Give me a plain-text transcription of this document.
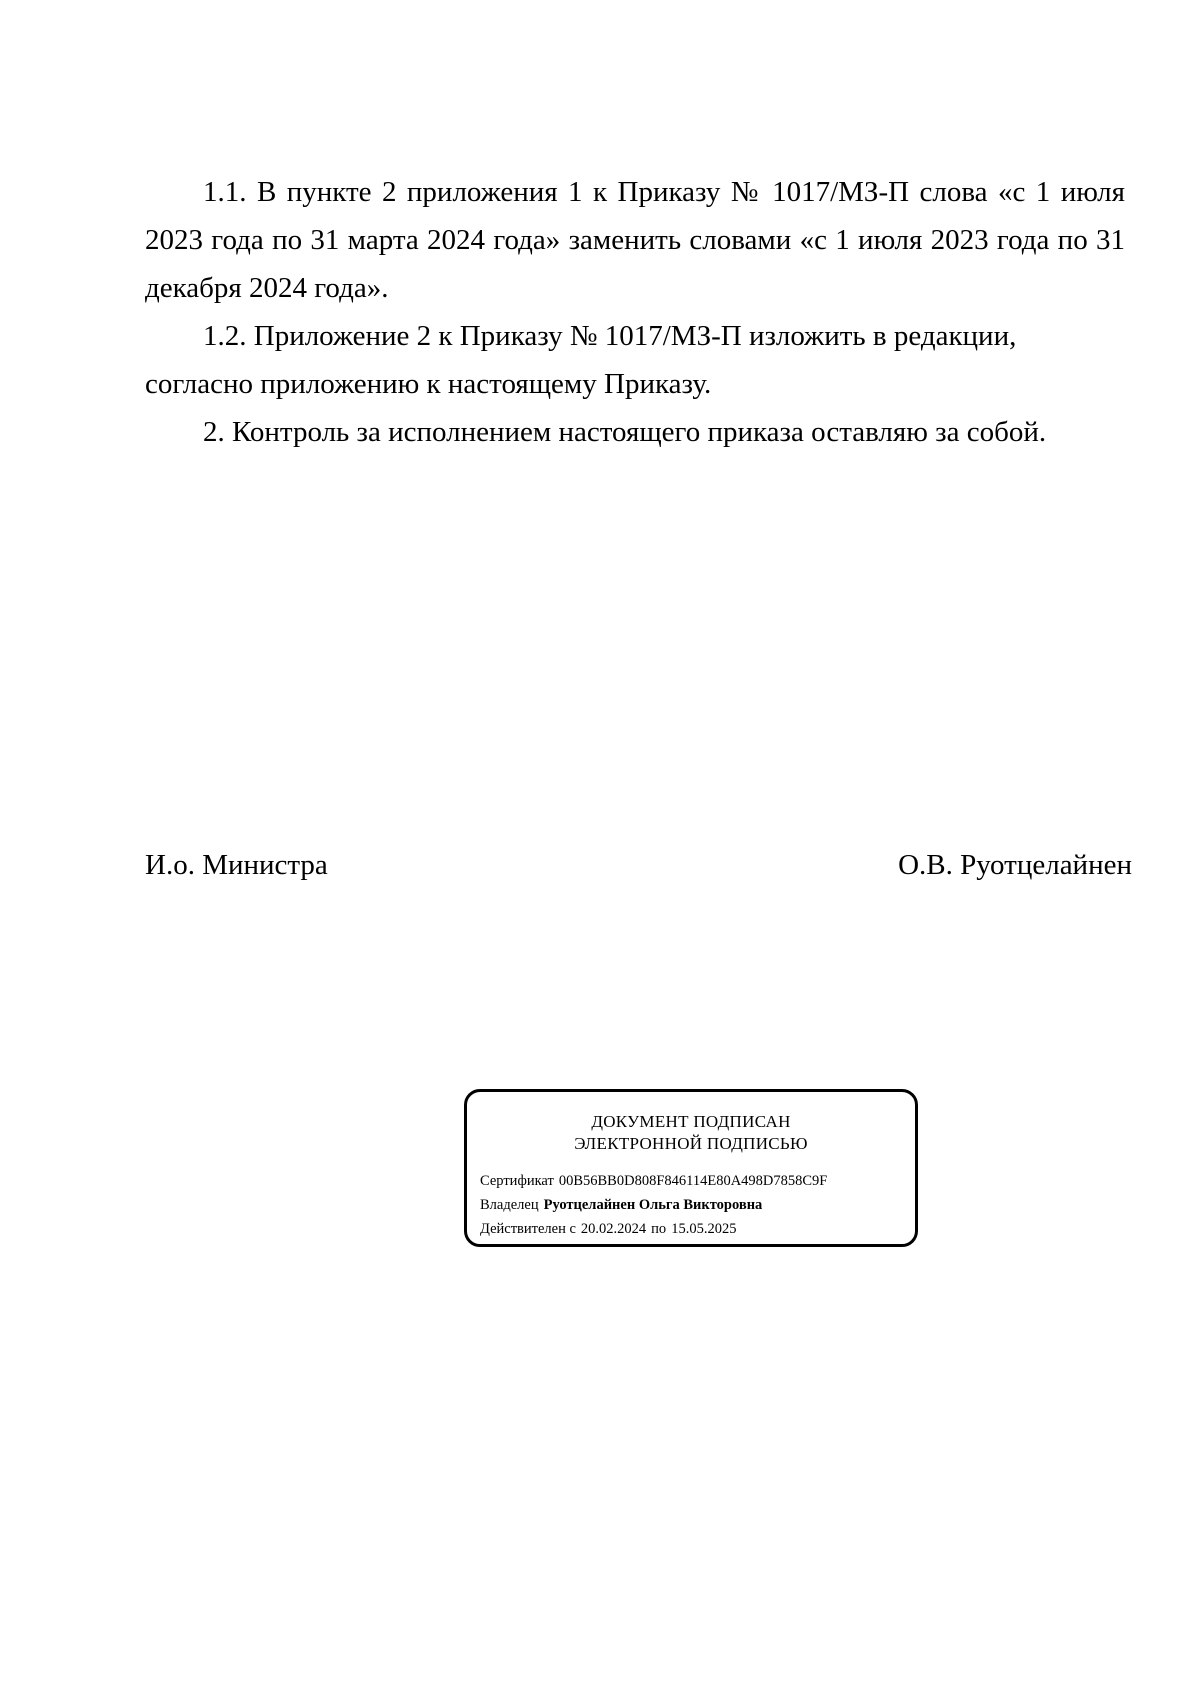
1.1. В пункте 2 приложения 1 к Приказу № 1017/МЗ-П слова «с 1 июля 2023 года по 31 марта 2024 года» заменить словами «с 1 июля 2023 года по 31 декабря 2024 года».

1.2. Приложение 2 к Приказу № 1017/МЗ-П изложить в редакции, согласно приложению к настоящему Приказу.

2. Контроль за исполнением настоящего приказа оставляю за собой.

И.о. Министра	О.В. Руотцелайнен
ДОКУМЕНТ ПОДПИСАН
ЭЛЕКТРОННОЙ ПОДПИСЬЮ
Сертификат 00B56BB0D808F846114E80A498D7858C9F
Владелец Руотцелайнен Ольга Викторовна
Действителен с 20.02.2024 по 15.05.2025
